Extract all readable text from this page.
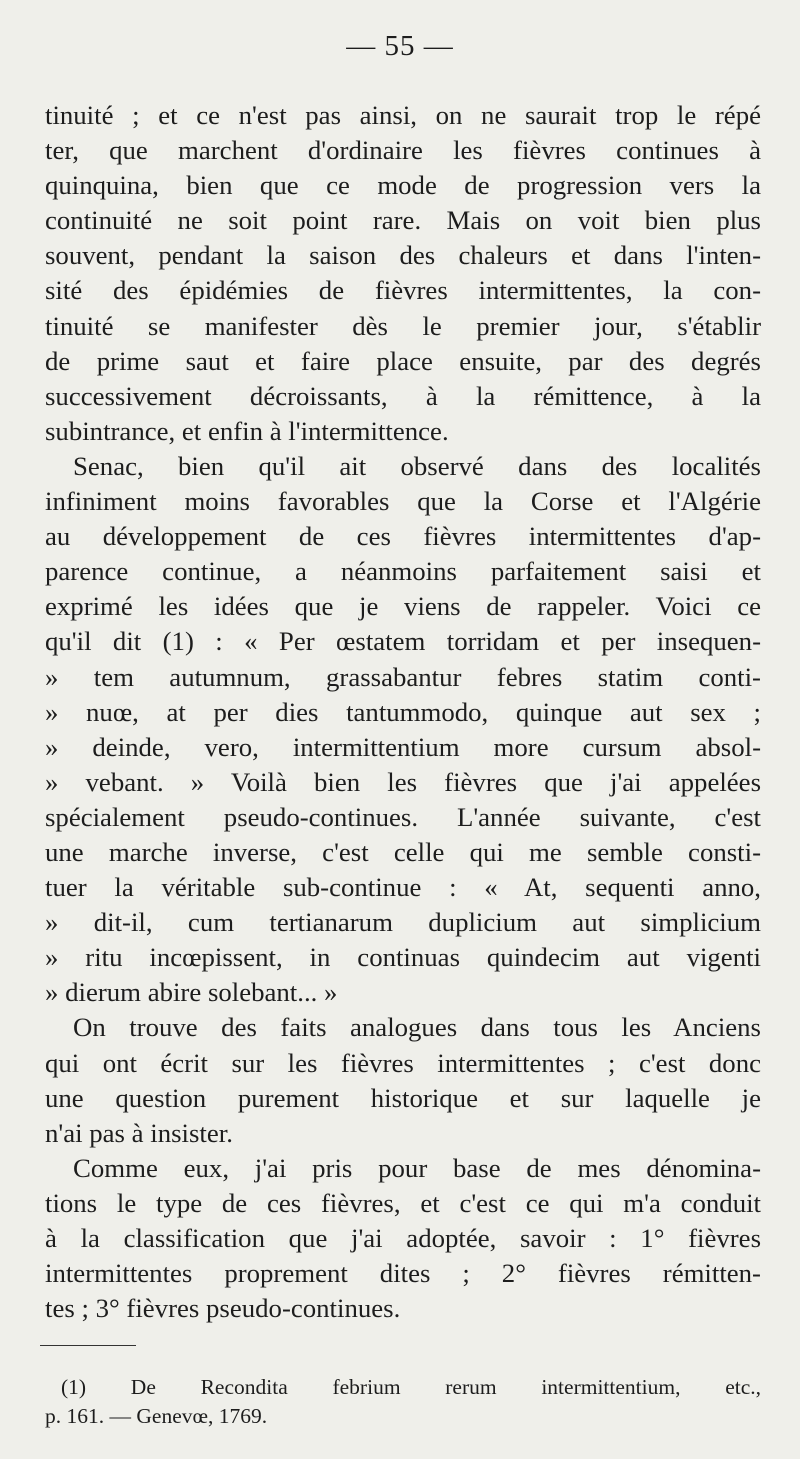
— 55 —
tinuité ; et ce n'est pas ainsi, on ne saurait trop le répé
ter, que marchent d'ordinaire les fièvres continues à
quinquina, bien que ce mode de progression vers la
continuité ne soit point rare. Mais on voit bien plus
souvent, pendant la saison des chaleurs et dans l'inten-
sité des épidémies de fièvres intermittentes, la con-
tinuité se manifester dès le premier jour, s'établir
de prime saut et faire place ensuite, par des degrés
successivement décroissants, à la rémittence, à la
subintrance, et enfin à l'intermittence.
Senac, bien qu'il ait observé dans des localités
infiniment moins favorables que la Corse et l'Algérie
au développement de ces fièvres intermittentes d'ap-
parence continue, a néanmoins parfaitement saisi et
exprimé les idées que je viens de rappeler. Voici ce
qu'il dit (1) : « Per œstatem torridam et per insequen-
» tem autumnum, grassabantur febres statim conti-
» nuœ, at per dies tantummodo, quinque aut sex ;
» deinde, vero, intermittentium more cursum absol-
» vebant. » Voilà bien les fièvres que j'ai appelées
spécialement pseudo-continues. L'année suivante, c'est
une marche inverse, c'est celle qui me semble consti-
tuer la véritable sub-continue : « At, sequenti anno,
» dit-il, cum tertianarum duplicium aut simplicium
» ritu incœpissent, in continuas quindecim aut vigenti
» dierum abire solebant... »
On trouve des faits analogues dans tous les Anciens
qui ont écrit sur les fièvres intermittentes ; c'est donc
une question purement historique et sur laquelle je
n'ai pas à insister.
Comme eux, j'ai pris pour base de mes dénomina-
tions le type de ces fièvres, et c'est ce qui m'a conduit
à la classification que j'ai adoptée, savoir : 1° fièvres
intermittentes proprement dites ; 2° fièvres rémitten-
tes ; 3° fièvres pseudo-continues.
(1) De Recondita febrium rerum intermittentium, etc.,
p. 161. — Genevœ, 1769.
